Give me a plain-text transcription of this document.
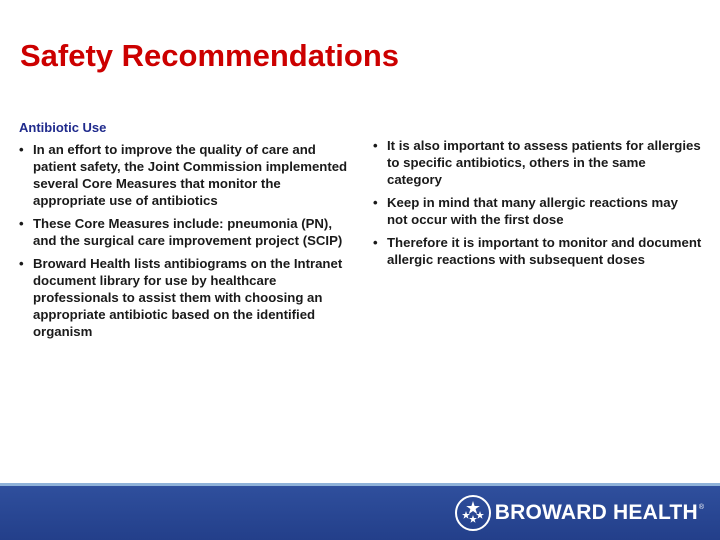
Safety Recommendations
Antibiotic Use
• In an effort to improve the quality of care and patient safety, the Joint Commission implemented several Core Measures that monitor the appropriate use of antibiotics
• These Core Measures include: pneumonia (PN), and the surgical care improvement project (SCIP)
• Broward Health lists antibiograms on the Intranet document library for use by healthcare professionals to assist them with choosing an appropriate antibiotic based on the identified organism
• It is also important to assess patients for allergies to specific antibiotics, others in the same category
• Keep in mind that many allergic reactions may not occur with the first dose
• Therefore it is important to monitor and document allergic reactions with subsequent doses
BROWARD HEALTH ®
